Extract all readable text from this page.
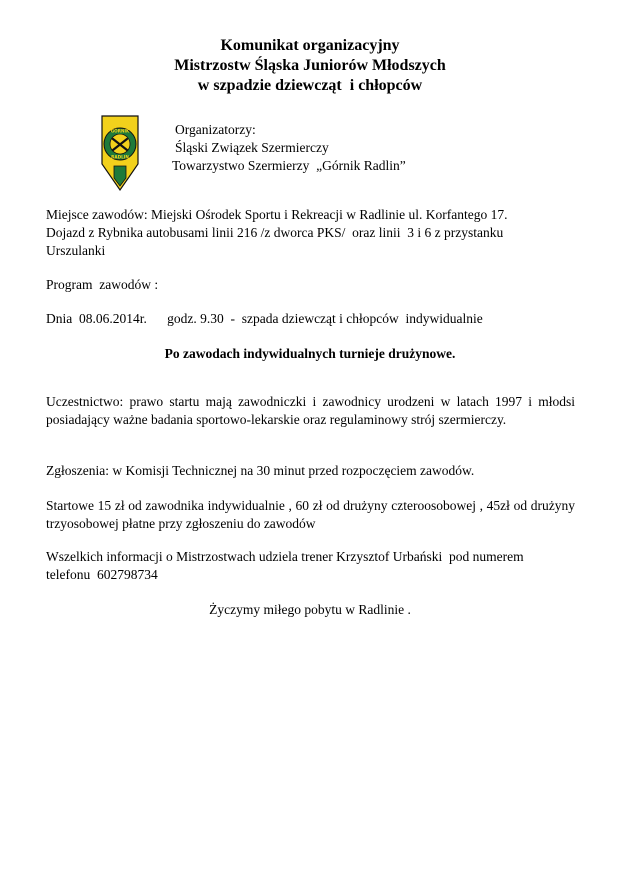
Komunikat organizacyjny
Mistrzostw Śląska Juniorów Młodszych
w szpadzie dziewcząt  i chłopców
GÓRNIK
RADLIN
Organizatorzy:
Śląski Związek Szermierczy
Towarzystwo Szermierzy  „Górnik Radlin”
Miejsce zawodów: Miejski Ośrodek Sportu i Rekreacji w Radlinie ul. Korfantego 17.
Dojazd z Rybnika autobusami linii 216 /z dworca PKS/  oraz linii  3 i 6 z przystanku
Urszulanki
Program  zawodów :
Dnia  08.06.2014r.      godz. 9.30  -  szpada dziewcząt i chłopców  indywidualnie
Po zawodach indywidualnych turnieje drużynowe.
Uczestnictwo: prawo startu mają zawodniczki i zawodnicy urodzeni w latach 1997 i młodsi posiadający ważne badania sportowo-lekarskie oraz regulaminowy strój szermierczy.
Zgłoszenia: w Komisji Technicznej na 30 minut przed rozpoczęciem zawodów.
Startowe 15 zł od zawodnika indywidualnie , 60 zł od drużyny czteroosobowej , 45zł od drużyny trzyosobowej płatne przy zgłoszeniu do zawodów
Wszelkich informacji o Mistrzostwach udziela trener Krzysztof Urbański  pod numerem
telefonu  602798734
Życzymy miłego pobytu w Radlinie .
